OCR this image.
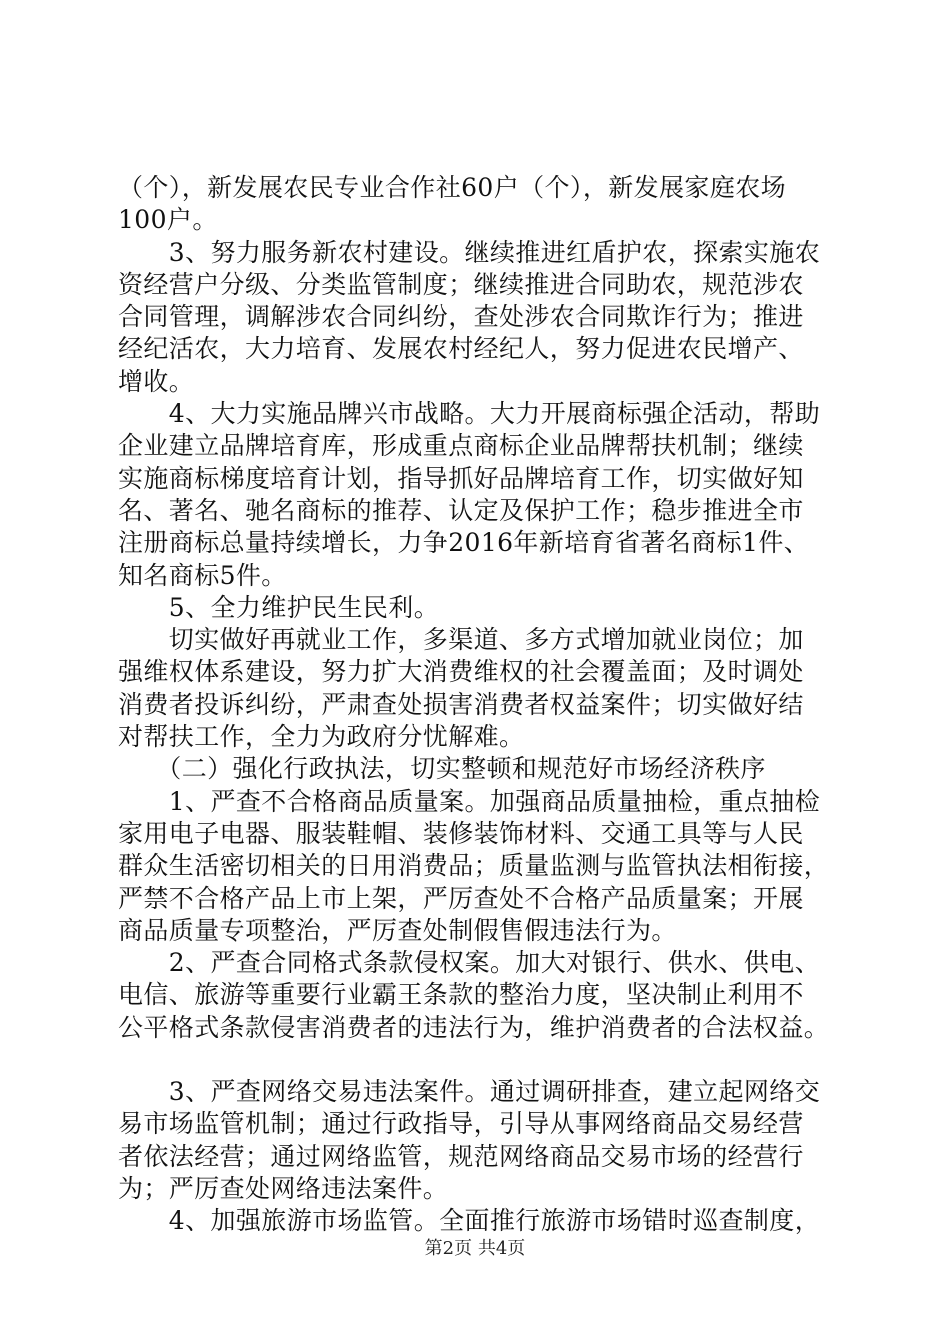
（个），新发展农民专业合作社60户（个），新发展家庭农场
100户。
　　3、努力服务新农村建设。继续推进红盾护农，探索实施农
资经营户分级、分类监管制度；继续推进合同助农，规范涉农
合同管理，调解涉农合同纠纷，查处涉农合同欺诈行为；推进
经纪活农，大力培育、发展农村经纪人，努力促进农民增产、
增收。
　　4、大力实施品牌兴市战略。大力开展商标强企活动，帮助
企业建立品牌培育库，形成重点商标企业品牌帮扶机制；继续
实施商标梯度培育计划，指导抓好品牌培育工作，切实做好知
名、著名、驰名商标的推荐、认定及保护工作；稳步推进全市
注册商标总量持续增长，力争2016年新培育省著名商标1件、
知名商标5件。
　　5、全力维护民生民利。
　　切实做好再就业工作，多渠道、多方式增加就业岗位；加
强维权体系建设，努力扩大消费维权的社会覆盖面；及时调处
消费者投诉纠纷，严肃查处损害消费者权益案件；切实做好结
对帮扶工作，全力为政府分忧解难。
　　（二）强化行政执法，切实整顿和规范好市场经济秩序
　　1、严查不合格商品质量案。加强商品质量抽检，重点抽检
家用电子电器、服装鞋帽、装修装饰材料、交通工具等与人民
群众生活密切相关的日用消费品；质量监测与监管执法相衔接，
严禁不合格产品上市上架，严厉查处不合格产品质量案；开展
商品质量专项整治，严厉查处制假售假违法行为。
　　2、严查合同格式条款侵权案。加大对银行、供水、供电、
电信、旅游等重要行业霸王条款的整治力度，坚决制止利用不
公平格式条款侵害消费者的违法行为，维护消费者的合法权益。
　　3、严查网络交易违法案件。通过调研排查，建立起网络交
易市场监管机制；通过行政指导，引导从事网络商品交易经营
者依法经营；通过网络监管，规范网络商品交易市场的经营行
为；严厉查处网络违法案件。
　　4、加强旅游市场监管。全面推行旅游市场错时巡查制度，
第2页 共4页
